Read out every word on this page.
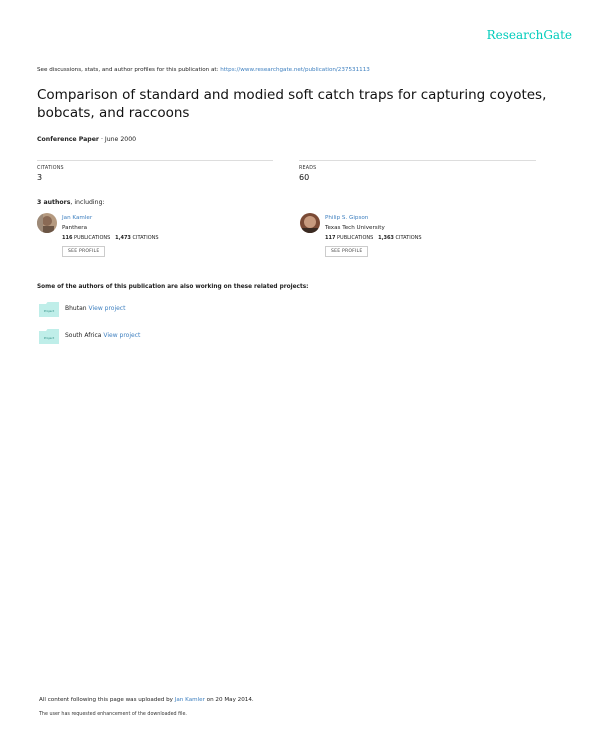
ResearchGate
See discussions, stats, and author profiles for this publication at: https://www.researchgate.net/publication/237531113
Comparison of standard and modied soft catch traps for capturing coyotes, bobcats, and raccoons
Conference Paper · June 2000
CITATIONS
3
READS
60
3 authors, including:
Jan Kamler
Panthera
116 PUBLICATIONS 1,473 CITATIONS
SEE PROFILE
Philip S. Gipson
Texas Tech University
117 PUBLICATIONS 1,363 CITATIONS
SEE PROFILE
Some of the authors of this publication are also working on these related projects:
Project Bhutan View project
Project South Africa View project
All content following this page was uploaded by Jan Kamler on 20 May 2014.
The user has requested enhancement of the downloaded file.
